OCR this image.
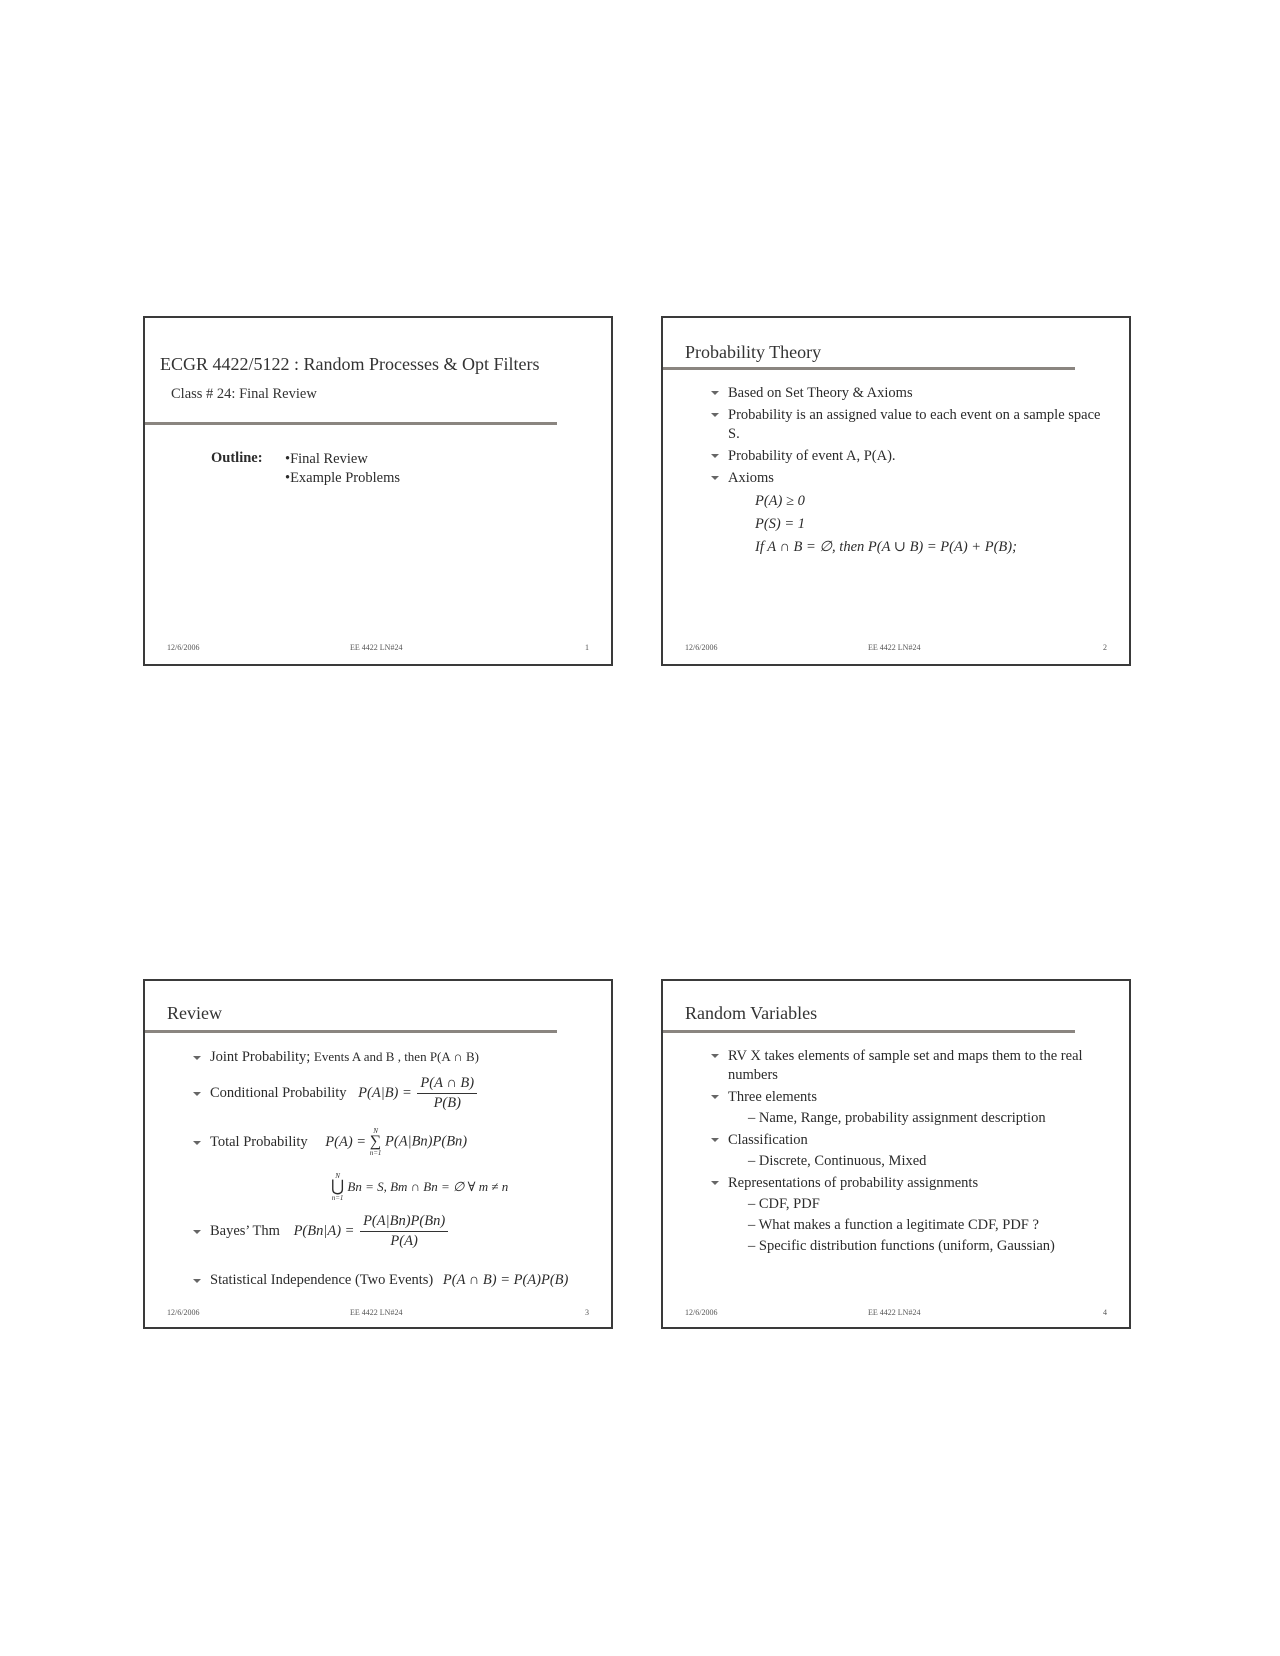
ECGR 4422/5122 : Random Processes & Opt Filters
Class # 24: Final Review
Outline: •Final Review
•Example Problems
12/6/2006	EE 4422 LN#24	1
Probability Theory
Based on Set Theory & Axioms
Probability is an assigned value to each event on a sample space S.
Probability of event A, P(A).
Axioms
P(A) ≥ 0
P(S) = 1
If A ∩ B = ∅, then P(A ∪ B) = P(A) + P(B);
12/6/2006	EE 4422 LN#24	2
Review
Joint Probability; Events A and B , then P(A ∩ B)
Conditional Probability $P(A|B) = \frac{P(A \cap B)}{P(B)}$
Total Probability P(A) =
N
∑
n=1
P(A|Bn)P(Bn)
N
⋃
n=1
Bn = S, Bm ∩ Bn = ∅ ∀ m ≠ n
Bayes’ Thm $P(Bn|A) = \frac{P(A|Bn)P(Bn)}{P(A)}$
Statistical Independence (Two Events) P(A ∩ B) = P(A)P(B)
12/6/2006	EE 4422 LN#24	3
Random Variables
RV X takes elements of sample set and maps them to the real numbers
Three elements
– Name, Range, probability assignment description
Classification
– Discrete, Continuous, Mixed
Representations of probability assignments
– CDF, PDF
– What makes a function a legitimate CDF, PDF ?
– Specific distribution functions (uniform, Gaussian)
12/6/2006	EE 4422 LN#24	4
